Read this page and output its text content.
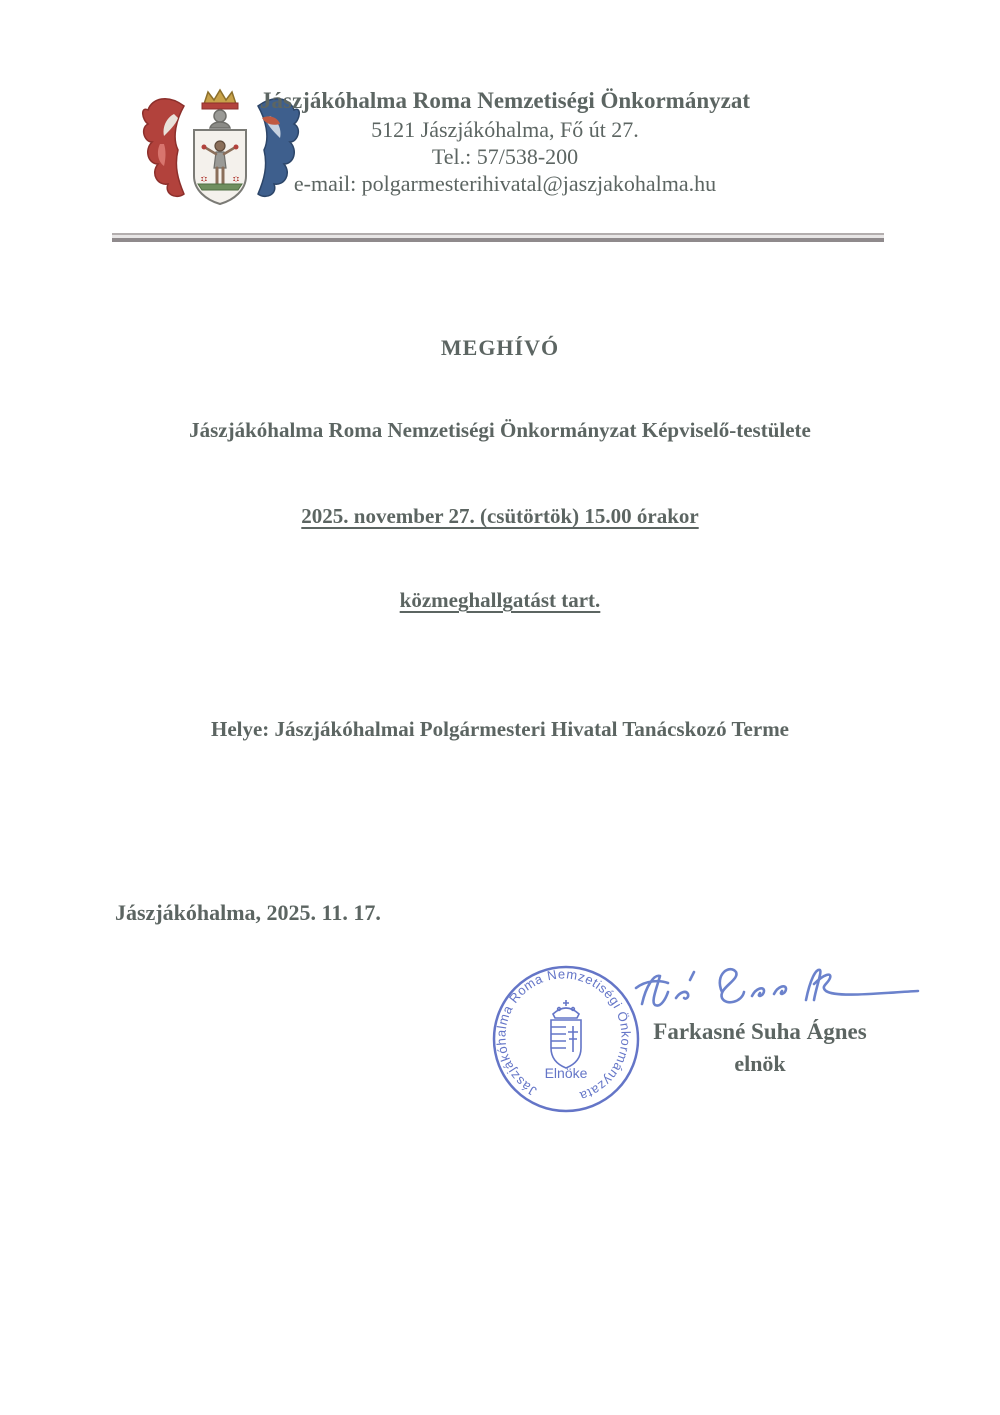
Jászjákóhalma Roma Nemzetiségi Önkormányzat
5121 Jászjákóhalma, Fő út 27.
Tel.: 57/538-200
e-mail: polgarmesterihivatal@jaszjakohalma.hu
MEGHÍVÓ
Jászjákóhalma Roma Nemzetiségi Önkormányzat Képviselő-testülete
2025. november 27. (csütörtök) 15.00 órakor
közmeghallgatást tart.
Helye: Jászjákóhalmai Polgármesteri Hivatal Tanácskozó Terme
Jászjákóhalma, 2025. 11. 17.
Jászjákóhalma Roma Nemzetiségi Önkormányzata
Elnöke
Farkasné Suha Ágnes
elnök
